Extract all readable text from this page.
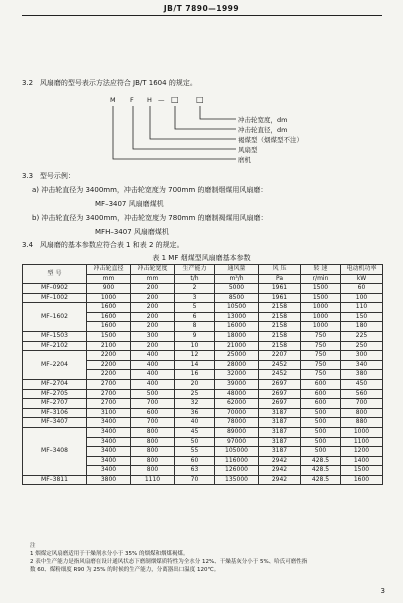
JB/T 7890—1999
3.2 风扇磨的型号表示方法应符合 JB/T 1604 的规定。
M F H — □ □
冲击轮宽度，dm
冲击轮直径，dm
褐煤型（烟煤型不注）
风扇型
磨机
3.3 型号示例：
a) 冲击轮直径为 3400mm，冲击轮宽度为 700mm 的磨制烟煤用风扇磨：
MF–3407 风扇磨煤机
b) 冲击轮直径为 3400mm，冲击轮宽度为 780mm 的磨制褐煤用风扇磨：
MFH–3407 风扇磨煤机
3.4 风扇磨的基本参数应符合表 1 和表 2 的规定。
表 1 MF 烟煤型风扇磨基本参数
型 号	冲击轮直径	冲击轮宽度	生产能力	通风量	风 压	转 速	电动机功率
	mm	mm	t/h	m³/h	Pa	r/min	kW
MF–0902	900	200	2	5000	1961	1500	60
MF–1002	1000	200	3	8500	1961	1500	100
MF–1602	1600	200	5	10500	2158	1000	110
	1600	200	6	13000	2158	1000	150
	1600	200	8	16000	2158	1000	180
MF–1503	1500	300	9	18000	2158	750	225
MF–2102	2100	200	10	21000	2158	750	250
MF–2204	2200	400	12	25000	2207	750	300
	2200	400	14	28000	2452	750	340
	2200	400	16	32000	2452	750	380
MF–2704	2700	400	20	39000	2697	600	450
MF–2705	2700	500	25	48000	2697	600	560
MF–2707	2700	700	32	62000	2697	600	700
MF–3106	3100	600	36	70000	3187	500	800
MF–3407	3400	700	40	78000	3187	500	880
MF–3408	3400	800	45	89000	3187	500	1000
	3400	800	50	97000	3187	500	1100
	3400	800	55	105000	3187	500	1200
	3400	800	60	116000	2942	428.5	1400
	3400	800	63	126000	2942	428.5	1500
MF–3811	3800	1110	70	135000	2942	428.5	1600
注
1 烟煤定风扇磨适用于干燥剂水分小于 35% 的烟煤和烟煤褐煤。
2 表中生产能力是指风扇磨在设计通风状态下磨制烟煤质特性为全水分 12%、干燥基灰分小于 5%、哈氏可磨性指
数 60、煤粉细度 R90 为 25% 的时候的生产能力，分离器出口温度 120℃。
3
